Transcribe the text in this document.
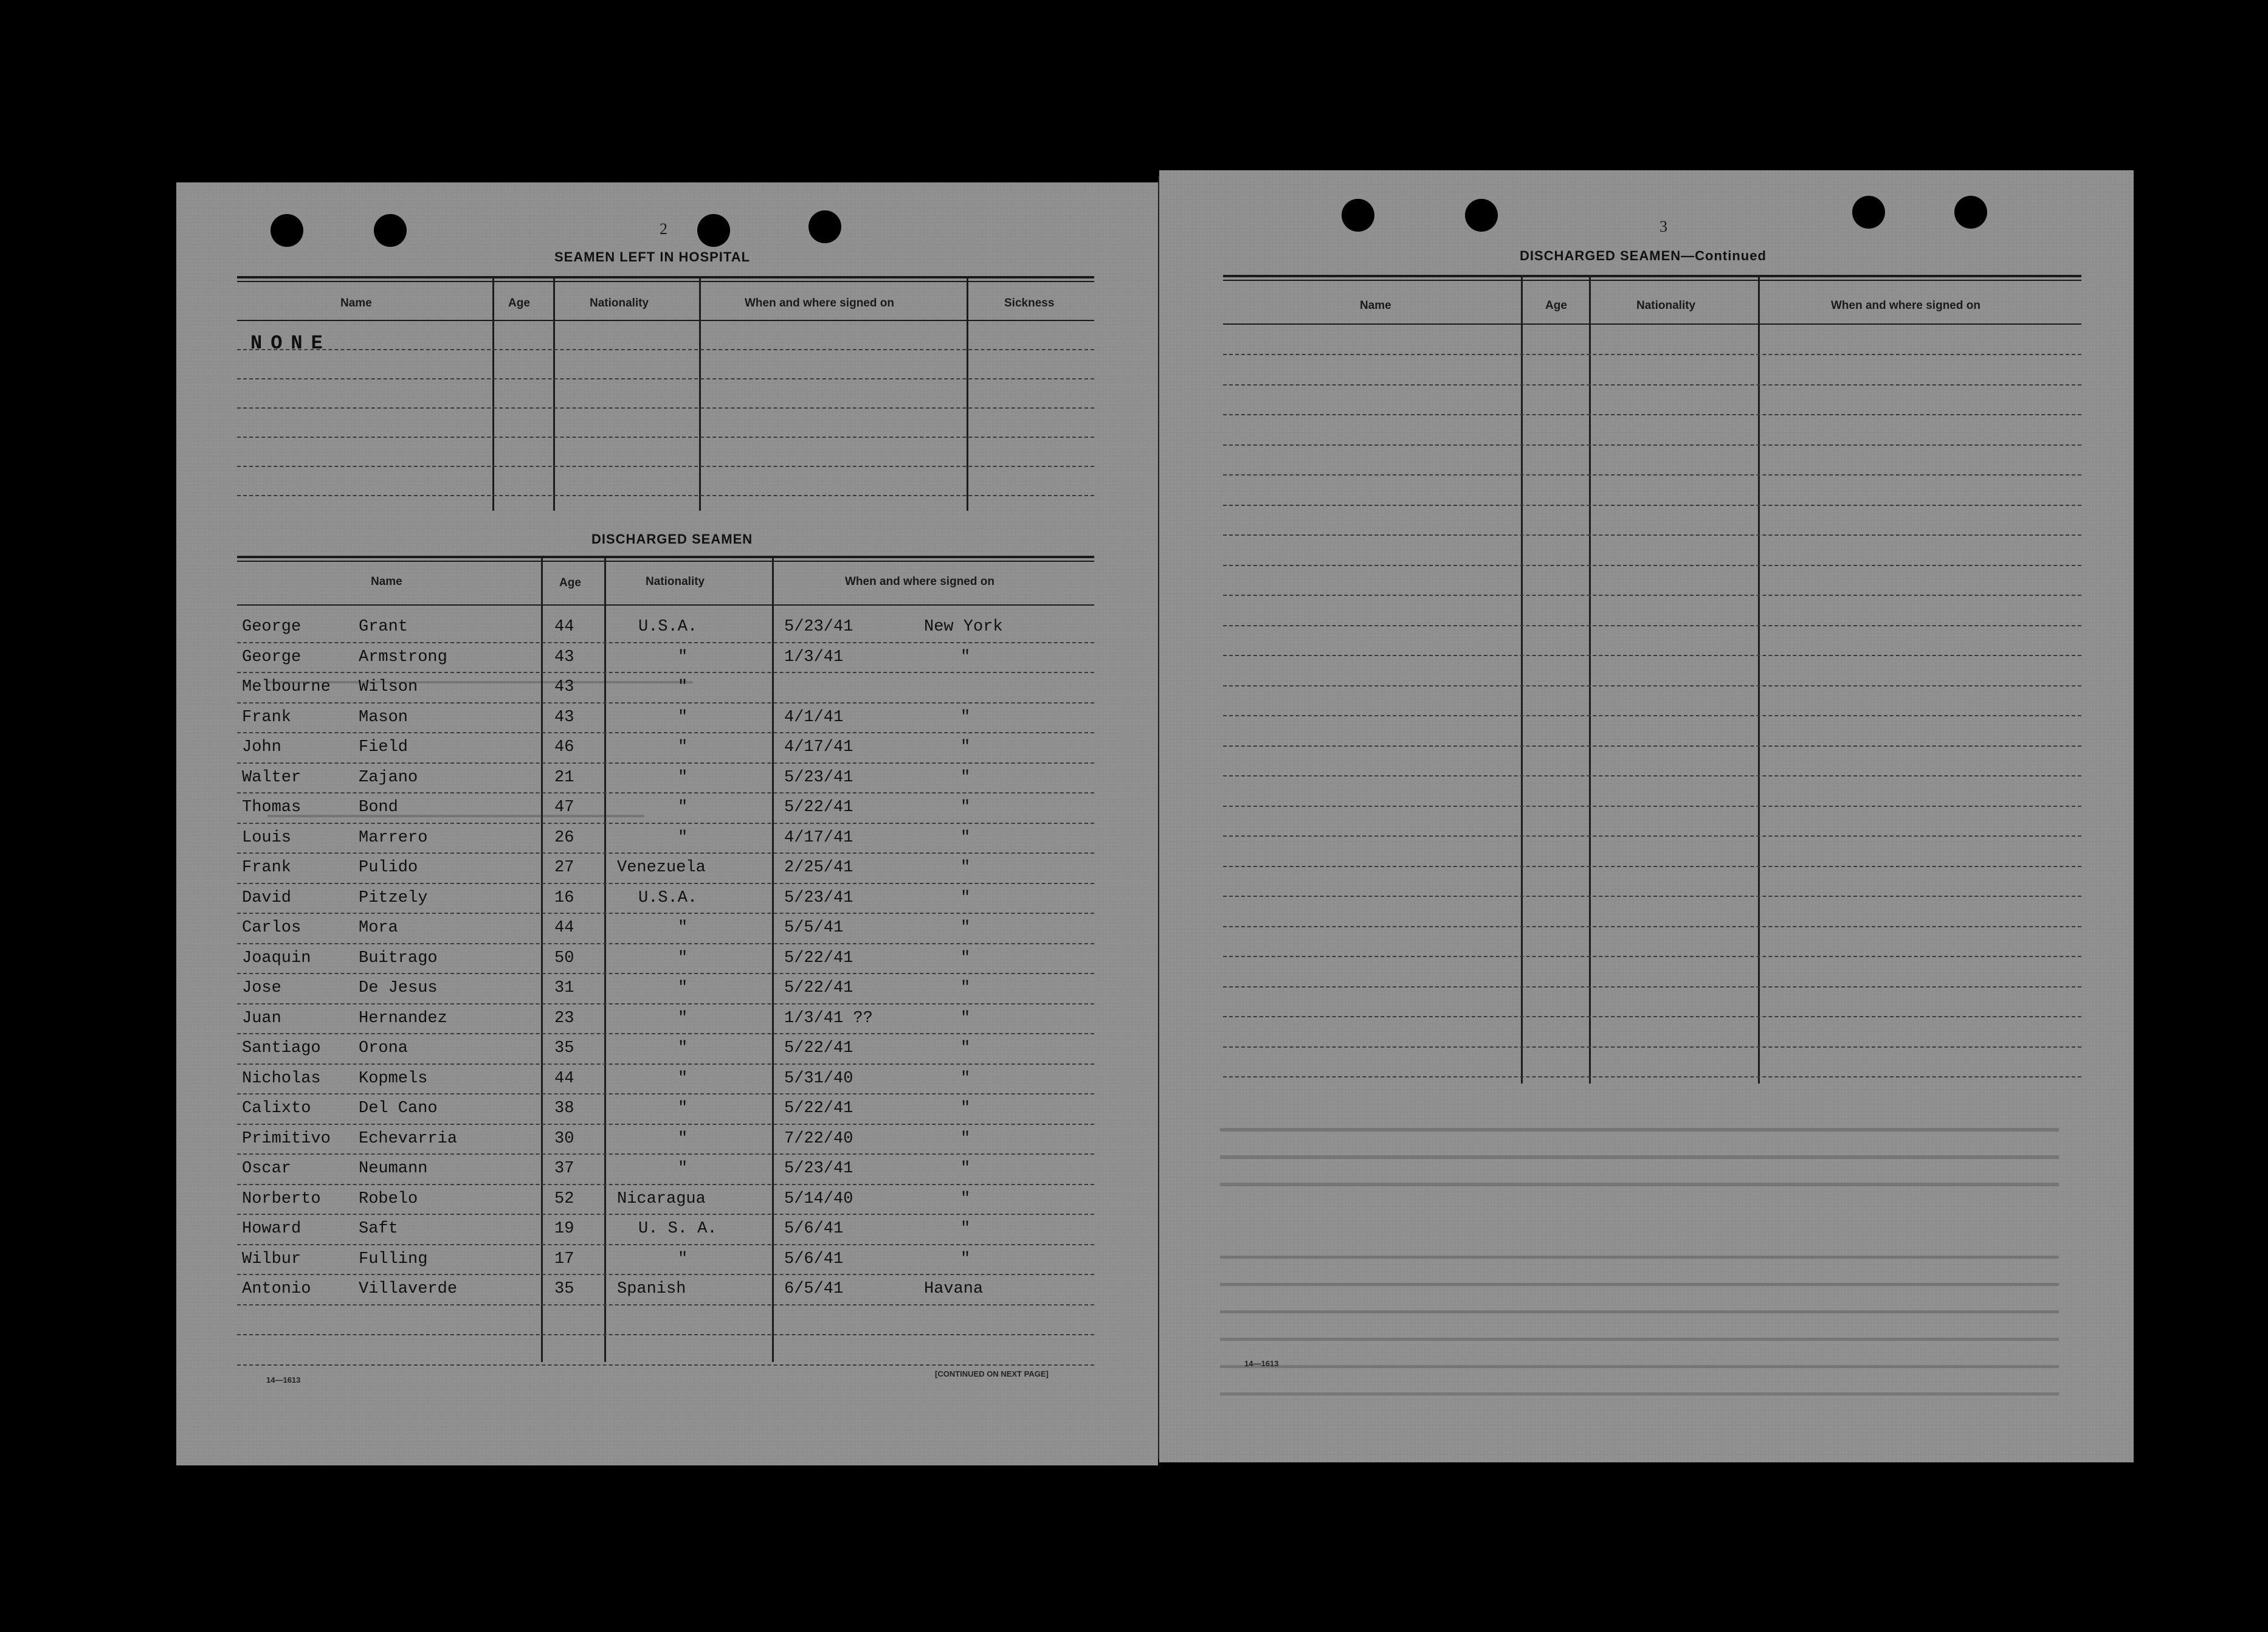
2
SEAMEN LEFT IN HOSPITAL
Name	Age	Nationality	When and where signed on	Sickness
NONE
DISCHARGED SEAMEN
Name	Age	Nationality	When and where signed on
George	Grant	44	U.S.A.	5/23/41	New York
George	Armstrong	43	"	1/3/41	"
Melbourne Wilson	43	"
Frank	Mason	43	"	4/1/41	"
John	Field	46	"	4/17/41	"
Walter	Zajano	21	"	5/23/41	"
Thomas	Bond	47	"	5/22/41	"
Louis	Marrero	26	"	4/17/41	"
Frank	Pulido	27	Venezuela	2/25/41	"
David	Pitzely	16	U.S.A.	5/23/41	"
Carlos	Mora	44	"	5/5/41	"
Joaquin	Buitrago	50	"	5/22/41	"
Jose	De Jesus	31	"	5/22/41	"
Juan	Hernandez	23	"	1/3/41 ??	"
Santiago Orona	35	"	5/22/41	"
Nicholas Kopmels	44	"	5/31/40	"
Calixto	Del Cano	38	"	5/22/41	"
Primitivo Echevarria	30	"	7/22/40	"
Oscar	Neumann	37	"	5/23/41	"
Norberto Robelo	52	Nicaragua	5/14/40	"
Howard	Saft	19	U. S. A.	5/6/41	"
Wilbur	Fulling	17	"	5/6/41	"
Antonio	Villaverde	35	Spanish	6/5/41	Havana
14—1613
[CONTINUED ON NEXT PAGE]
3
DISCHARGED SEAMEN—Continued
Name	Age	Nationality	When and where signed on
14—1613
